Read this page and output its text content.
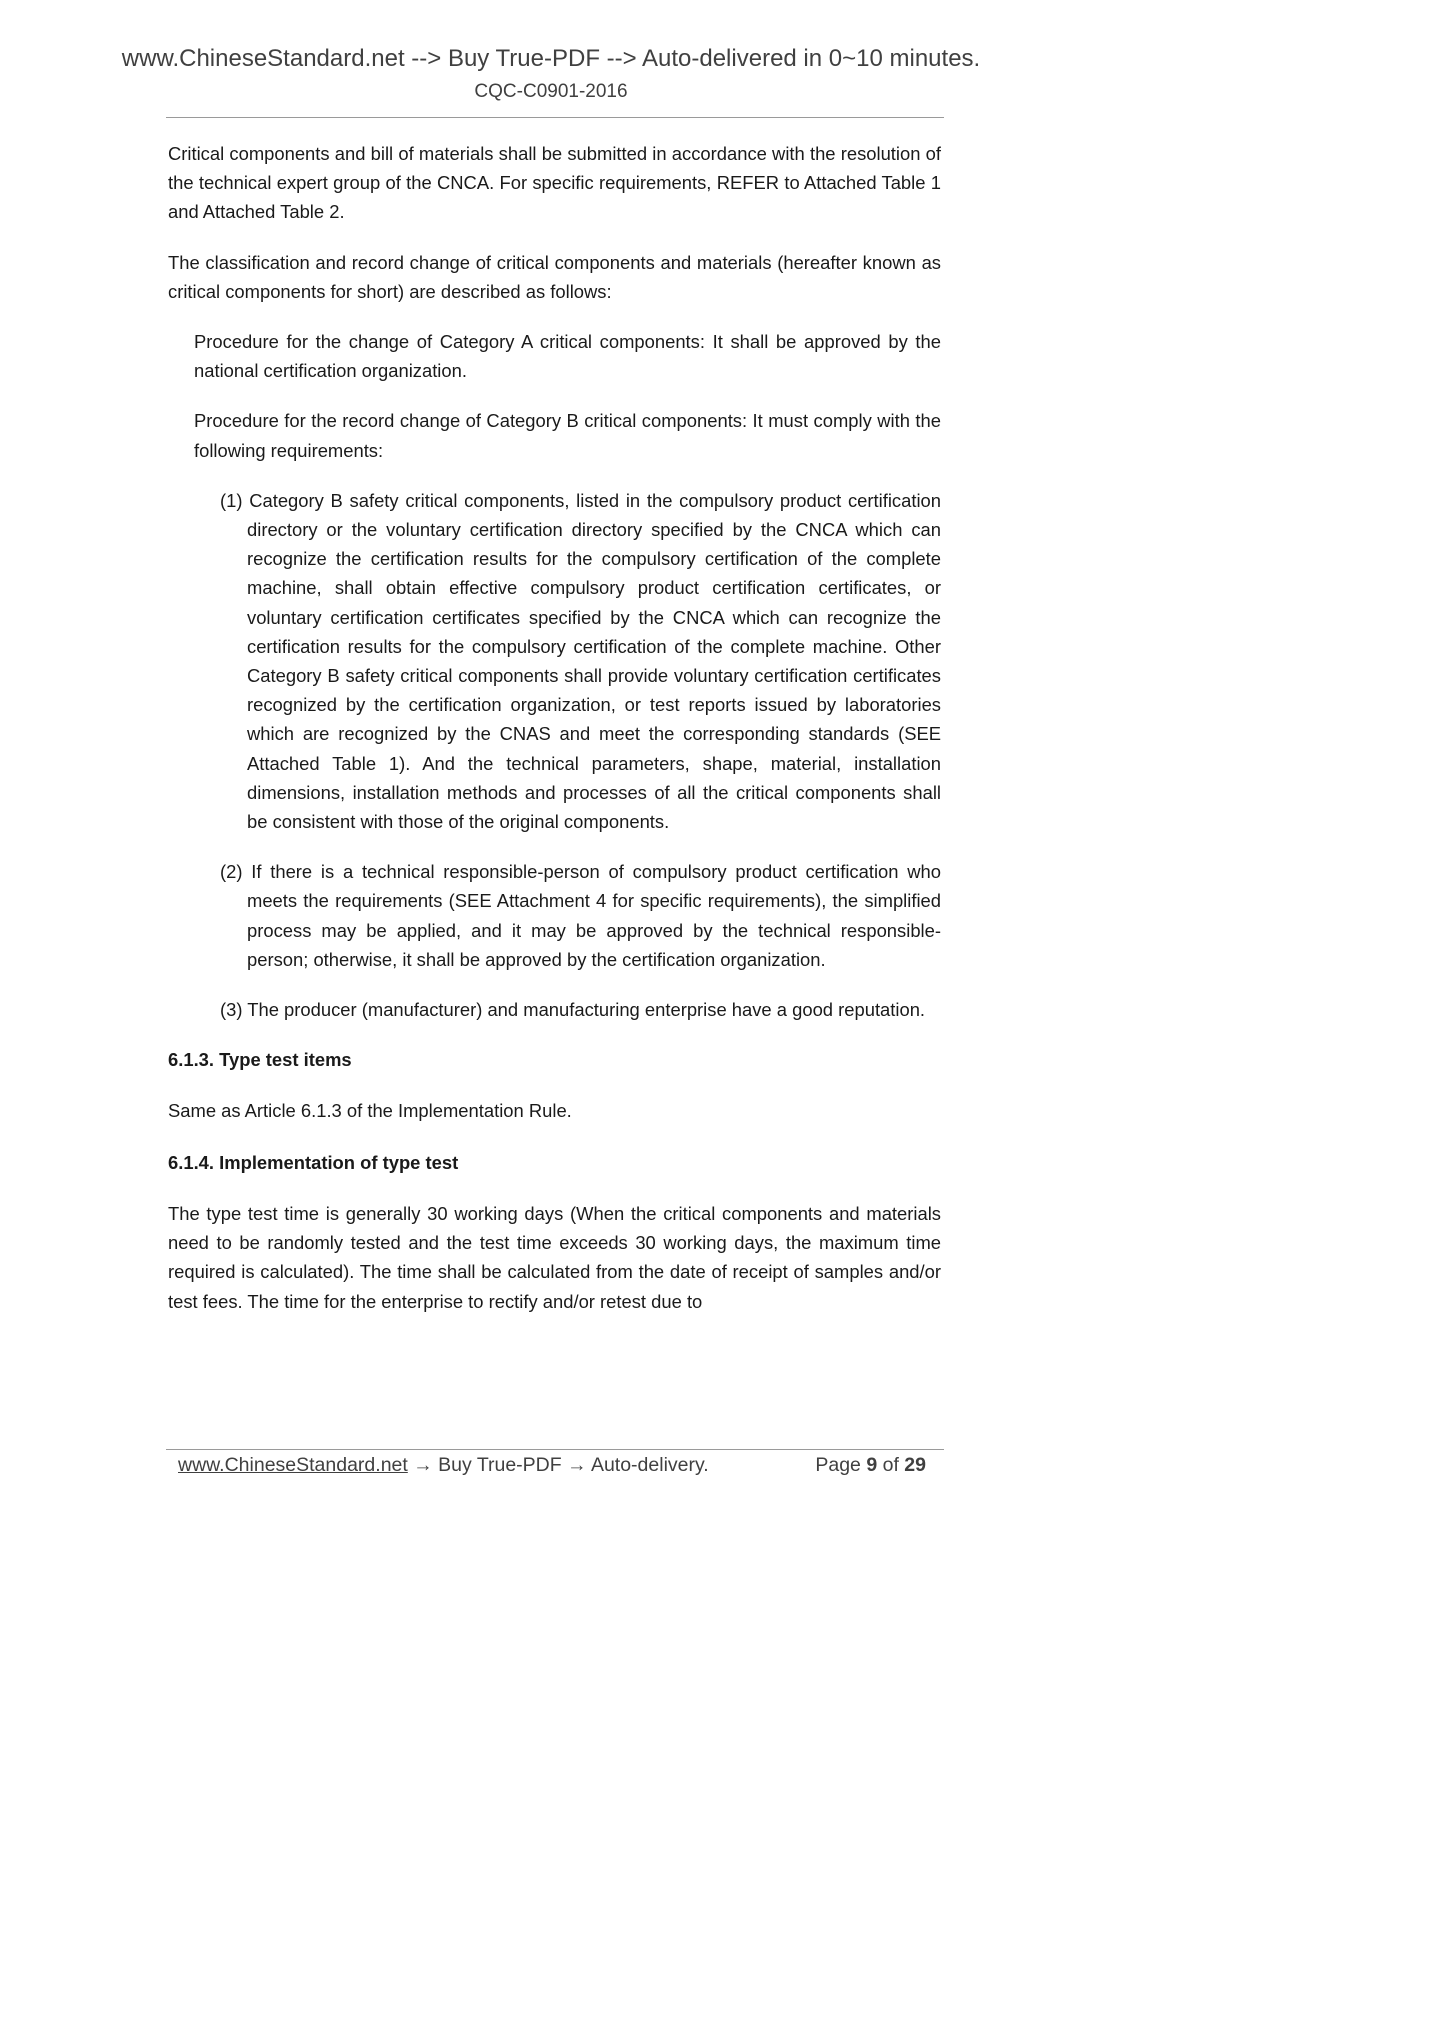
www.ChineseStandard.net --> Buy True-PDF --> Auto-delivered in 0~10 minutes.
CQC-C0901-2016

Critical components and bill of materials shall be submitted in accordance with the resolution of the technical expert group of the CNCA. For specific requirements, REFER to Attached Table 1 and Attached Table 2.

The classification and record change of critical components and materials (hereafter known as critical components for short) are described as follows:

Procedure for the change of Category A critical components: It shall be approved by the national certification organization.

Procedure for the record change of Category B critical components: It must comply with the following requirements:

(1) Category B safety critical components, listed in the compulsory product certification directory or the voluntary certification directory specified by the CNCA which can recognize the certification results for the compulsory certification of the complete machine, shall obtain effective compulsory product certification certificates, or voluntary certification certificates specified by the CNCA which can recognize the certification results for the compulsory certification of the complete machine. Other Category B safety critical components shall provide voluntary certification certificates recognized by the certification organization, or test reports issued by laboratories which are recognized by the CNAS and meet the corresponding standards (SEE Attached Table 1). And the technical parameters, shape, material, installation dimensions, installation methods and processes of all the critical components shall be consistent with those of the original components.

(2) If there is a technical responsible-person of compulsory product certification who meets the requirements (SEE Attachment 4 for specific requirements), the simplified process may be applied, and it may be approved by the technical responsible-person; otherwise, it shall be approved by the certification organization.

(3) The producer (manufacturer) and manufacturing enterprise have a good reputation.

6.1.3. Type test items

Same as Article 6.1.3 of the Implementation Rule.

6.1.4. Implementation of type test

The type test time is generally 30 working days (When the critical components and materials need to be randomly tested and the test time exceeds 30 working days, the maximum time required is calculated). The time shall be calculated from the date of receipt of samples and/or test fees. The time for the enterprise to rectify and/or retest due to

www.ChineseStandard.net → Buy True-PDF → Auto-delivery.	Page 9 of 29
